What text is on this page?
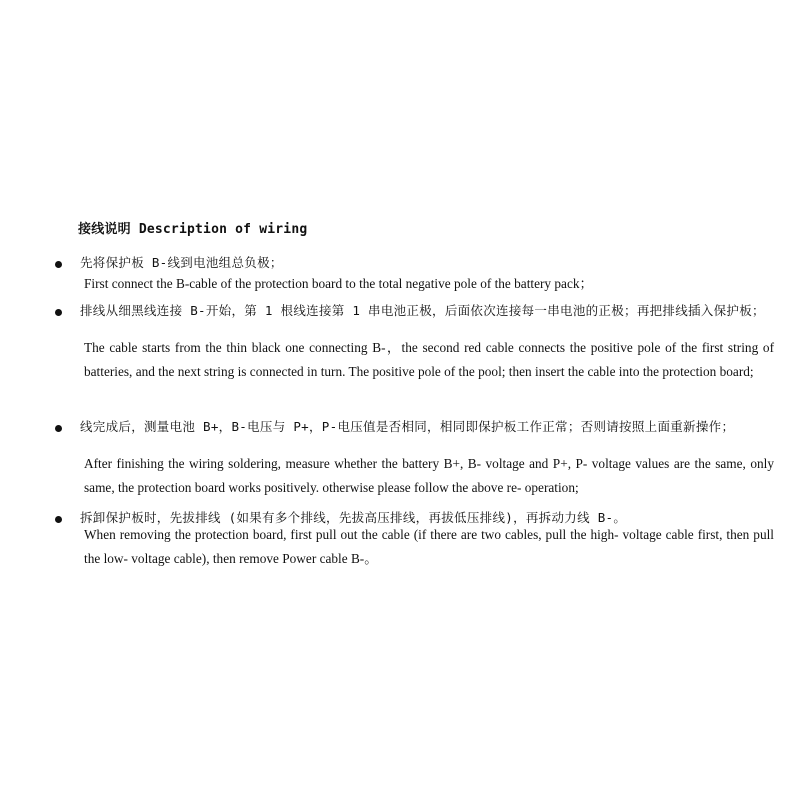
接线说明 Description of wiring
先将保护板 B-线到电池组总负极；
First connect the B-cable of the protection board to the total negative pole of the battery pack；
排线从细黑线连接 B-开始，第 1 根线连接第 1 串电池正极，后面依次连接每一串电池的正极；再把排线插入保护板；
The cable starts from the thin black one connecting B-，the second red cable connects the positive pole of the first string of batteries, and the next string is connected in turn. The positive pole of the pool; then insert the cable into the protection board;
线完成后，测量电池 B+，B-电压与 P+，P-电压值是否相同，相同即保护板工作正常；否则请按照上面重新操作；
After finishing the wiring soldering, measure whether the battery B+, B- voltage and P+, P- voltage values are the same, only same, the protection board works positively. otherwise please follow the above re- operation;
拆卸保护板时，先拔排线 (如果有多个排线，先拔高压排线，再拔低压排线)，再拆动力线 B-。
When removing the protection board, first pull out the cable (if there are two cables, pull the high- voltage cable first, then pull the low- voltage cable), then remove Power cable B-。
